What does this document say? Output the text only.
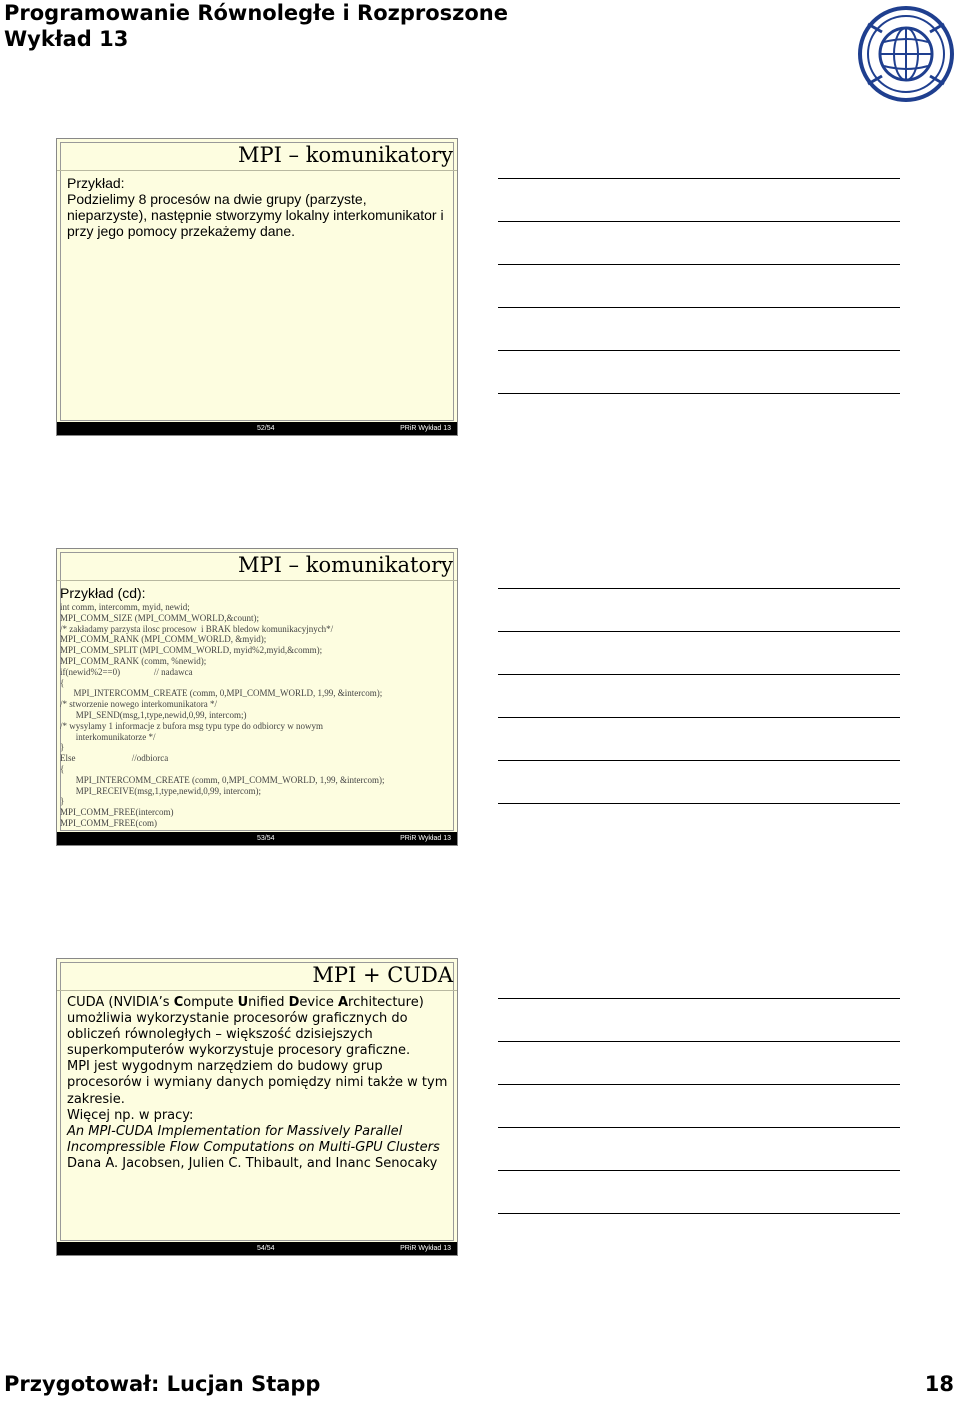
Programowanie Równoległe i Rozproszone
Wykład 13
MPI – komunikatory
Przykład:
Podzielimy 8 procesów na dwie grupy (parzyste, nieparzyste), następnie stworzymy lokalny interkomunikator i przy jego pomocy przekażemy dane.
52/54	PRiR Wykład 13
MPI – komunikatory
Przykład (cd):
int comm, intercomm, myid, newid;
MPI_COMM_SIZE (MPI_COMM_WORLD,&count);
/* zakładamy parzysta ilosc procesow  i BRAK bledow komunikacyjnych*/
MPI_COMM_RANK (MPI_COMM_WORLD, &myid);
MPI_COMM_SPLIT (MPI_COMM_WORLD, myid%2,myid,&comm);
MPI_COMM_RANK (comm, %newid);
if(newid%2==0)               // nadawca
{
MPI_INTERCOMM_CREATE (comm, 0,MPI_COMM_WORLD, 1,99, &intercom);
/* stworzenie nowego interkomunikatora */
MPI_SEND(msg,1,type,newid,0,99, intercom;)
/* wysylamy 1 informacje z bufora msg typu type do odbiorcy w nowym
interkomunikatorze */
}
Else                         //odbiorca
{
MPI_INTERCOMM_CREATE (comm, 0,MPI_COMM_WORLD, 1,99, &intercom);
MPI_RECEIVE(msg,1,type,newid,0,99, intercom);
}
MPI_COMM_FREE(intercom)
MPI_COMM_FREE(com)
53/54	PRiR Wykład 13
MPI + CUDA
CUDA (NVIDIA’s Compute Unified Device Architecture)
umożliwia wykorzystanie procesorów graficznych do obliczeń równoległych – większość dzisiejszych superkomputerów wykorzystuje procesory graficzne.
MPI jest wygodnym narzędziem do budowy grup procesorów i wymiany danych pomiędzy nimi także w tym zakresie.
Więcej np. w pracy:
An MPI-CUDA Implementation for Massively Parallel Incompressible Flow Computations on Multi-GPU Clusters
Dana A. Jacobsen, Julien C. Thibault, and Inanc Senocaky
54/54	PRiR Wykład 13
Przygotował: Lucjan Stapp	18
